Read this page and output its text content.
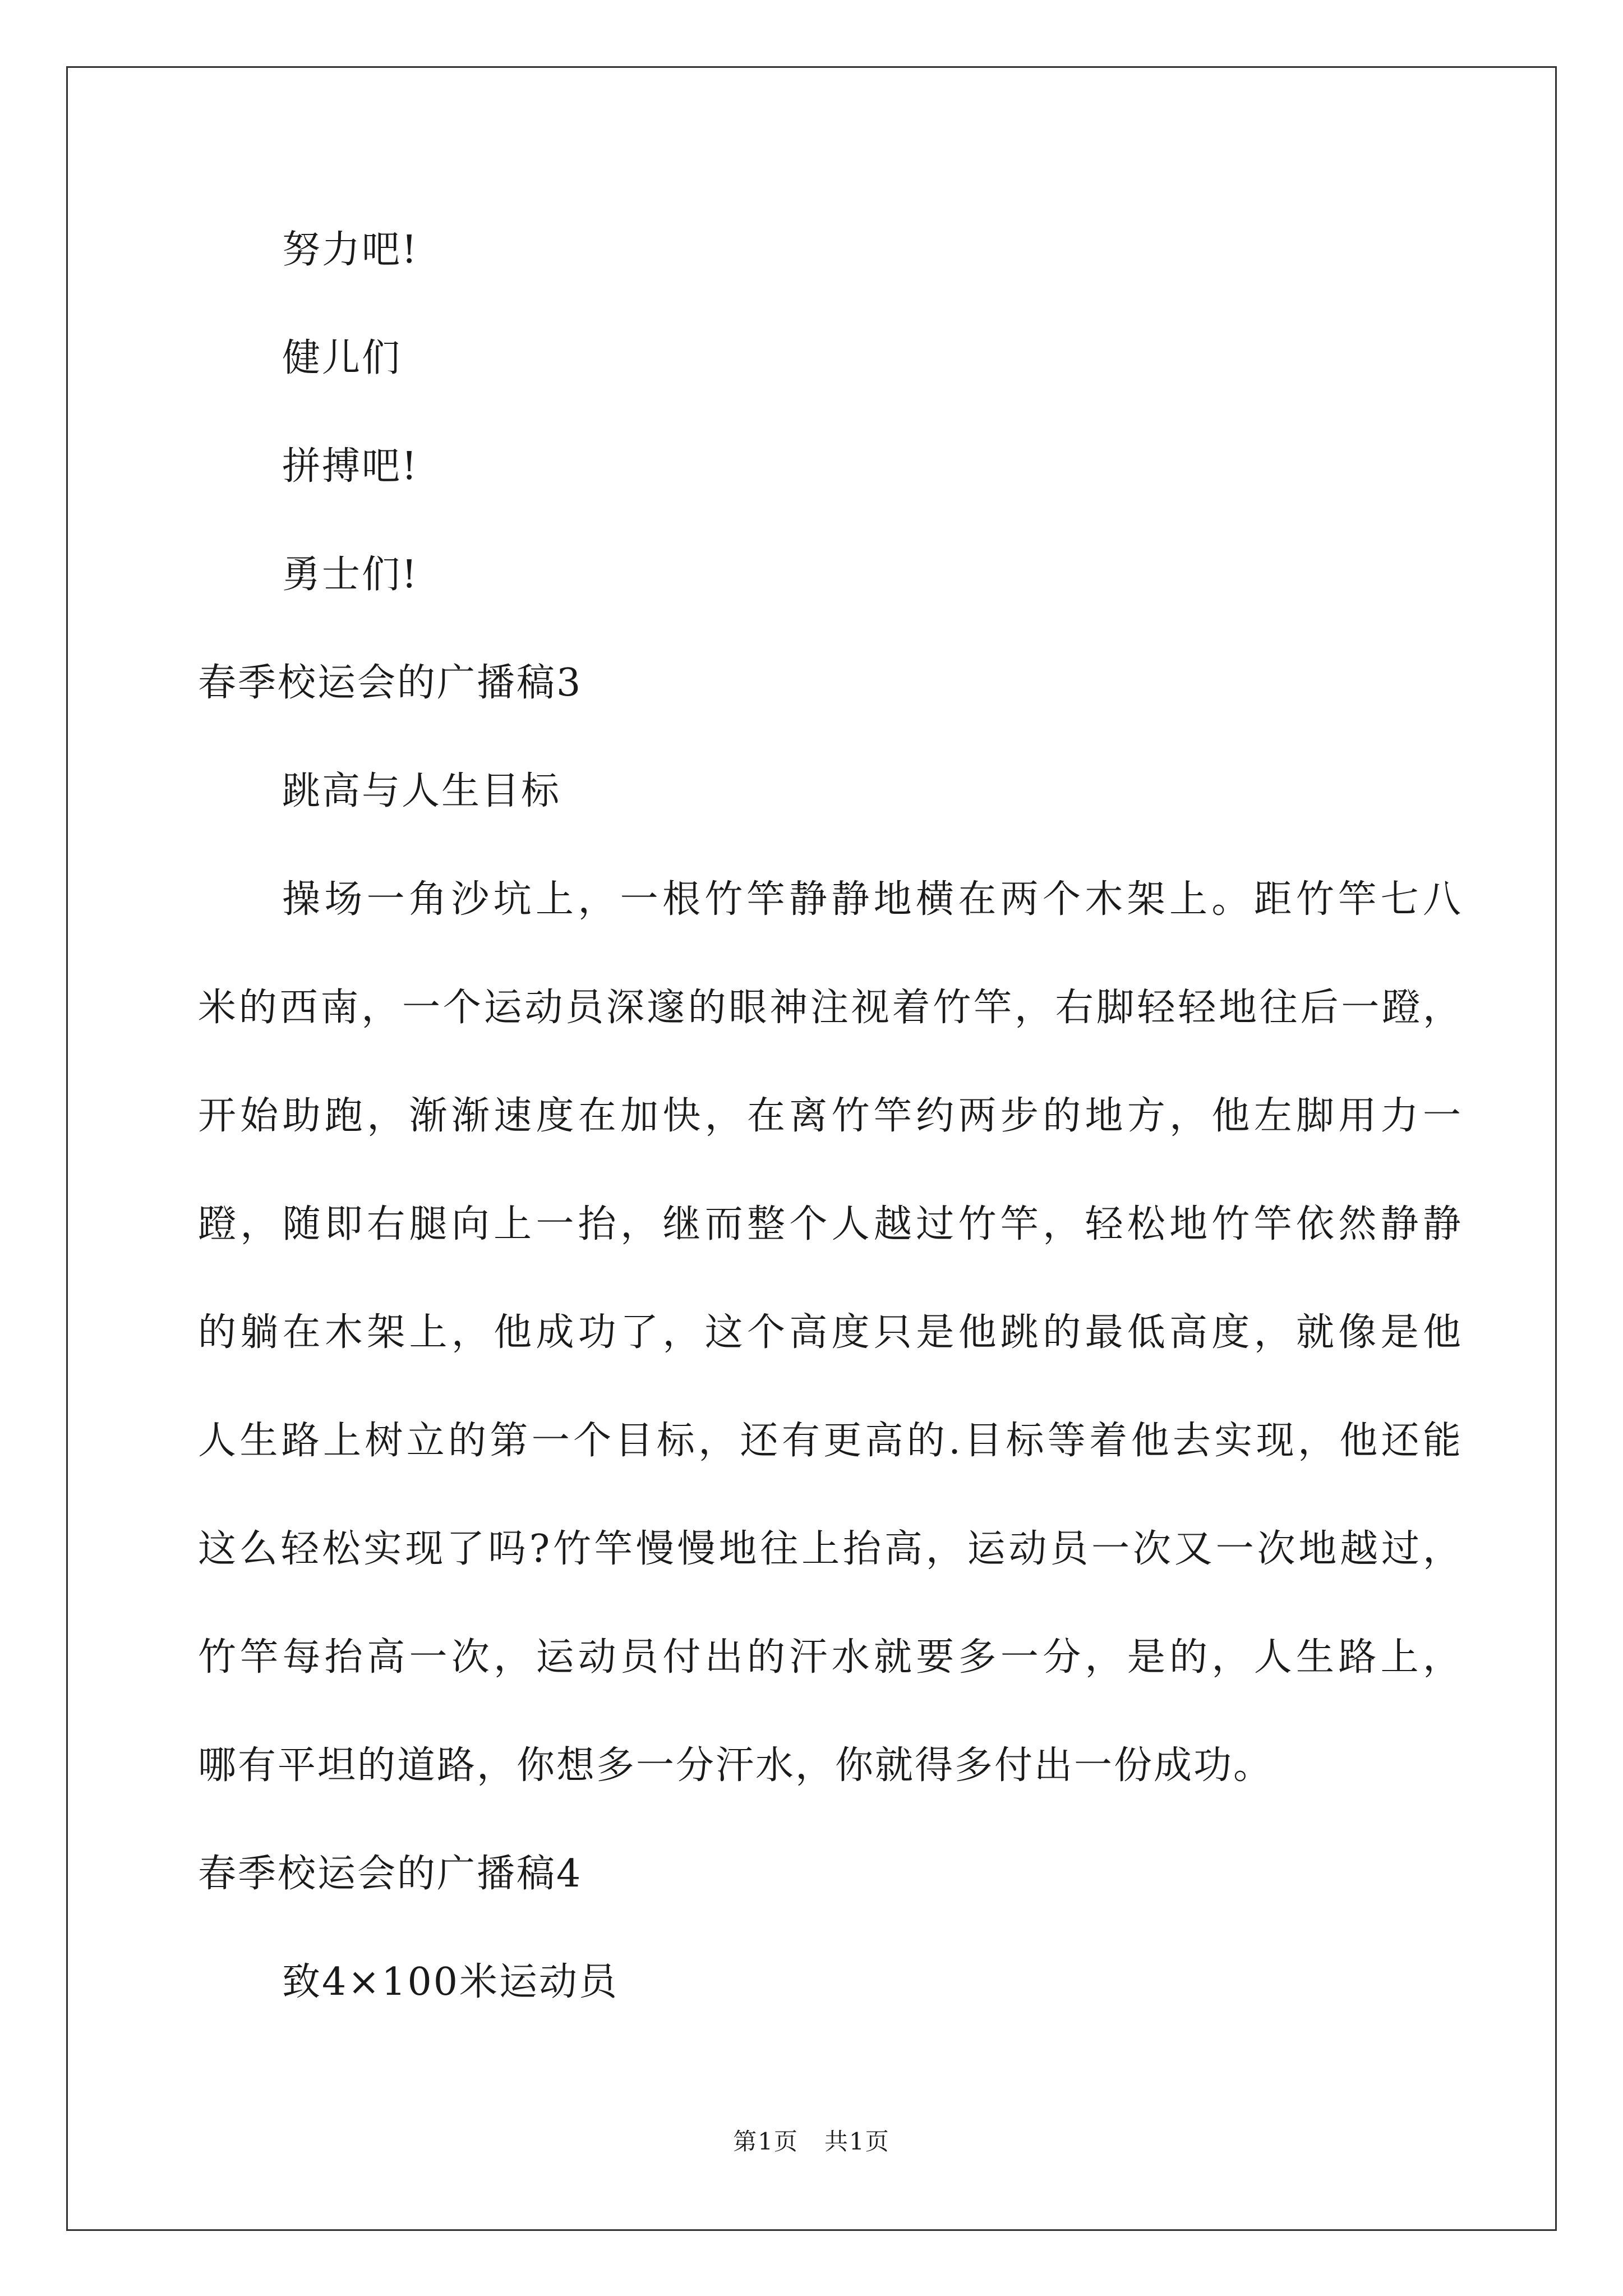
努力吧!
健儿们
拼搏吧!
勇士们!
春季校运会的广播稿3
跳高与人生目标
操场一角沙坑上，一根竹竿静静地横在两个木架上。距竹竿七八
米的西南，一个运动员深邃的眼神注视着竹竿，右脚轻轻地往后一蹬，
开始助跑，渐渐速度在加快，在离竹竿约两步的地方，他左脚用力一
蹬，随即右腿向上一抬，继而整个人越过竹竿，轻松地竹竿依然静静
的躺在木架上，他成功了，这个高度只是他跳的最低高度，就像是他
人生路上树立的第一个目标，还有更高的.目标等着他去实现，他还能
这么轻松实现了吗?竹竿慢慢地往上抬高，运动员一次又一次地越过，
竹竿每抬高一次，运动员付出的汗水就要多一分，是的，人生路上，
哪有平坦的道路，你想多一分汗水，你就得多付出一份成功。
春季校运会的广播稿4
致4×100米运动员
第1页   共1页
